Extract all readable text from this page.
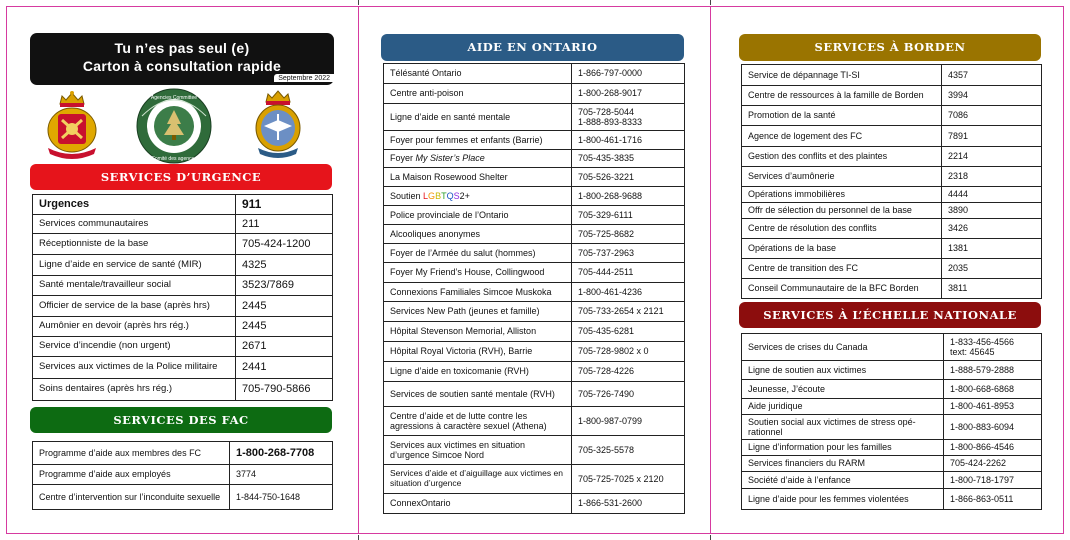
Tu n’es pas seul (e)
Carton à consultation rapide
Septembre 2022
Agencies Committee
Comité des agences
SERVICES D’URGENCE
Urgences	911
Services communautaires	211
Réceptionniste de la base	705-424-1200
Ligne d’aide en service de santé (MIR)	4325
Santé mentale/travailleur social	3523/7869
Officier de service de la base (après hrs)	2445
Aumônier en devoir (après hrs rég.)	2445
Service d’incendie (non urgent)	2671
Services aux victimes de la Police militaire	2441
Soins dentaires (après hrs rég.)	705-790-5866
SERVICES DES FAC
Programme d’aide aux membres des FC	1-800-268-7708
Programme d’aide aux employés	3774
Centre d’intervention sur l’inconduite sexuelle	1-844-750-1648
AIDE EN ONTARIO
Télésanté Ontario	1-866-797-0000
Centre anti-poison	1-800-268-9017
Ligne d’aide en santé mentale	705-728-5044
1-888-893-8333

Foyer pour femmes et enfants (Barrie)	1-800-461-1716
Foyer My Sister’s Place	705-435-3835
La Maison Rosewood Shelter	705-526-3221
Soutien LGBTQS2+	1-800-268-9688
Police provinciale de l’Ontario	705-329-6111
Alcooliques anonymes	705-725-8682
Foyer de l’Armée du salut (hommes)	705-737-2963
Foyer My Friend’s House, Collingwood	705-444-2511
Connexions Familiales Simcoe Muskoka	1-800-461-4236
Services New Path (jeunes et famille)	705-733-2654 x 2121
Hôpital Stevenson Memorial, Alliston	705-435-6281
Hôpital Royal Victoria (RVH), Barrie	705-728-9802 x 0
Ligne d’aide en toxicomanie (RVH)	705-728-4226
Services de soutien santé mentale (RVH)	705-726-7490
Centre d’aide et de lutte contre les agressions à caractère sexuel (Athena)	1-800-987-0799
Services aux victimes en situation d’urgence Simcoe Nord	705-325-5578
Services d’aide et d’aiguillage aux victimes en situation d’urgence	705-725-7025 x 2120
ConnexOntario	1-866-531-2600
SERVICES À BORDEN
Service de dépannage TI-SI	4357
Centre de ressources à la famille de Borden	3994
Promotion de la santé	7086
Agence de logement des FC	7891
Gestion des conflits et des plaintes	2214
Services d’aumônerie	2318
Opérations immobilières	4444
Offr de sélection du personnel de la base	3890
Centre de résolution des conflits	3426
Opérations de la base	1381
Centre de transition des FC	2035
Conseil Communautaire de la BFC Borden	3811
SERVICES À L’ÉCHELLE NATIONALE
Services de crises du Canada	1-833-456-4566
text: 45645

Ligne de soutien aux victimes	1-888-579-2888
Jeunesse, J’écoute	1-800-668-6868
Aide juridique	1-800-461-8953
Soutien social aux victimes de stress opé-rationnel	1-800-883-6094
Ligne d’information pour les familles	1-800-866-4546
Services financiers du RARM	705-424-2262
Société d’aide à l’enfance	1-800-718-1797
Ligne d’aide pour les femmes violentées	1-866-863-0511
